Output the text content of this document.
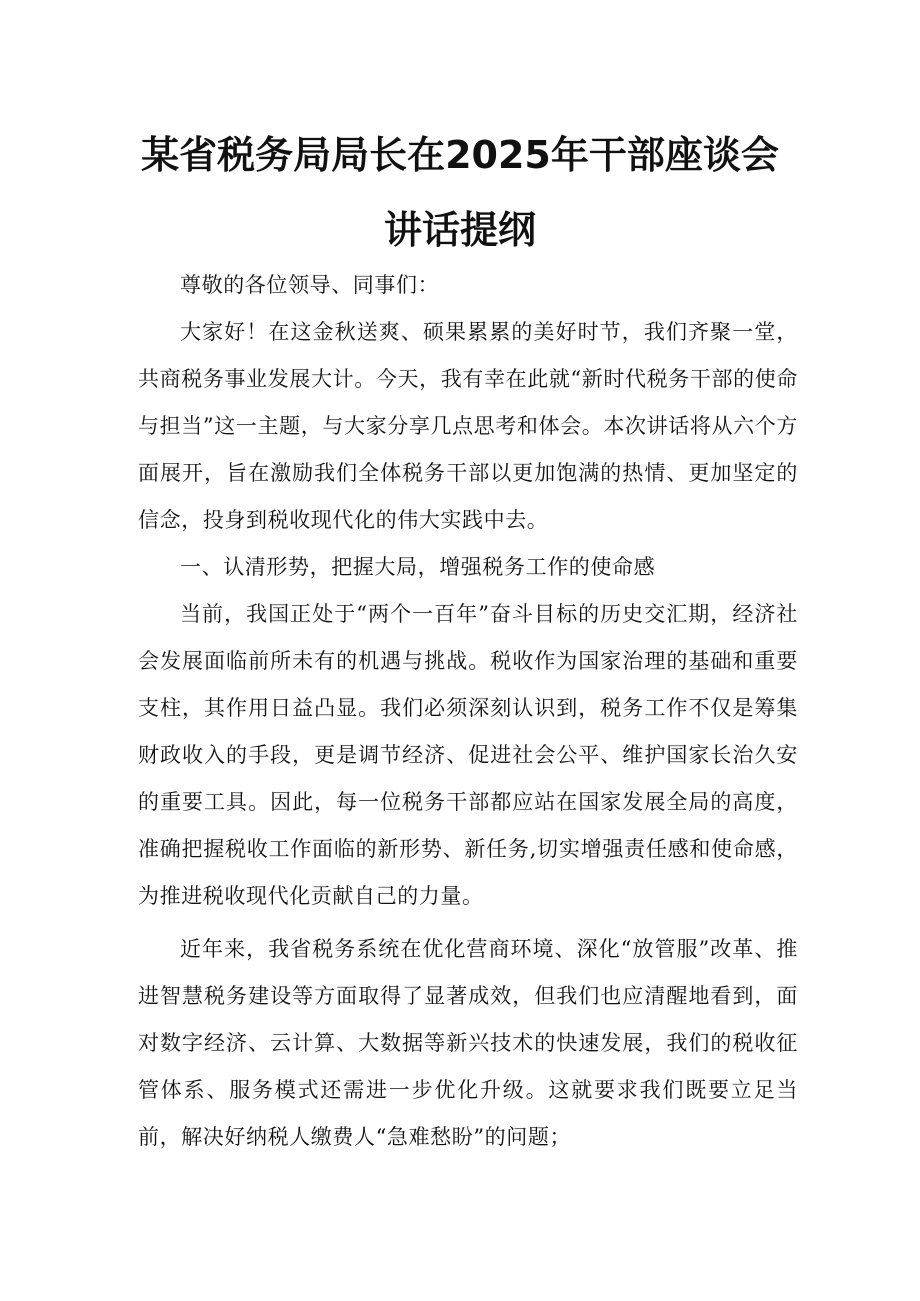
某省税务局局长在2025年干部座谈会
讲话提纲

尊敬的各位领导、同事们：

大家好！在这金秋送爽、硕果累累的美好时节，我们齐聚一堂，共商税务事业发展大计。今天，我有幸在此就“新时代税务干部的使命与担当”这一主题，与大家分享几点思考和体会。本次讲话将从六个方面展开，旨在激励我们全体税务干部以更加饱满的热情、更加坚定的信念，投身到税收现代化的伟大实践中去。

一、认清形势，把握大局，增强税务工作的使命感

当前，我国正处于“两个一百年”奋斗目标的历史交汇期，经济社会发展面临前所未有的机遇与挑战。税收作为国家治理的基础和重要支柱，其作用日益凸显。我们必须深刻认识到，税务工作不仅是筹集财政收入的手段，更是调节经济、促进社会公平、维护国家长治久安的重要工具。因此，每一位税务干部都应站在国家发展全局的高度，准确把握税收工作面临的新形势、新任务,切实增强责任感和使命感，为推进税收现代化贡献自己的力量。

近年来，我省税务系统在优化营商环境、深化“放管服”改革、推进智慧税务建设等方面取得了显著成效，但我们也应清醒地看到，面对数字经济、云计算、大数据等新兴技术的快速发展，我们的税收征管体系、服务模式还需进一步优化升级。这就要求我们既要立足当前，解决好纳税人缴费人“急难愁盼”的问题；
